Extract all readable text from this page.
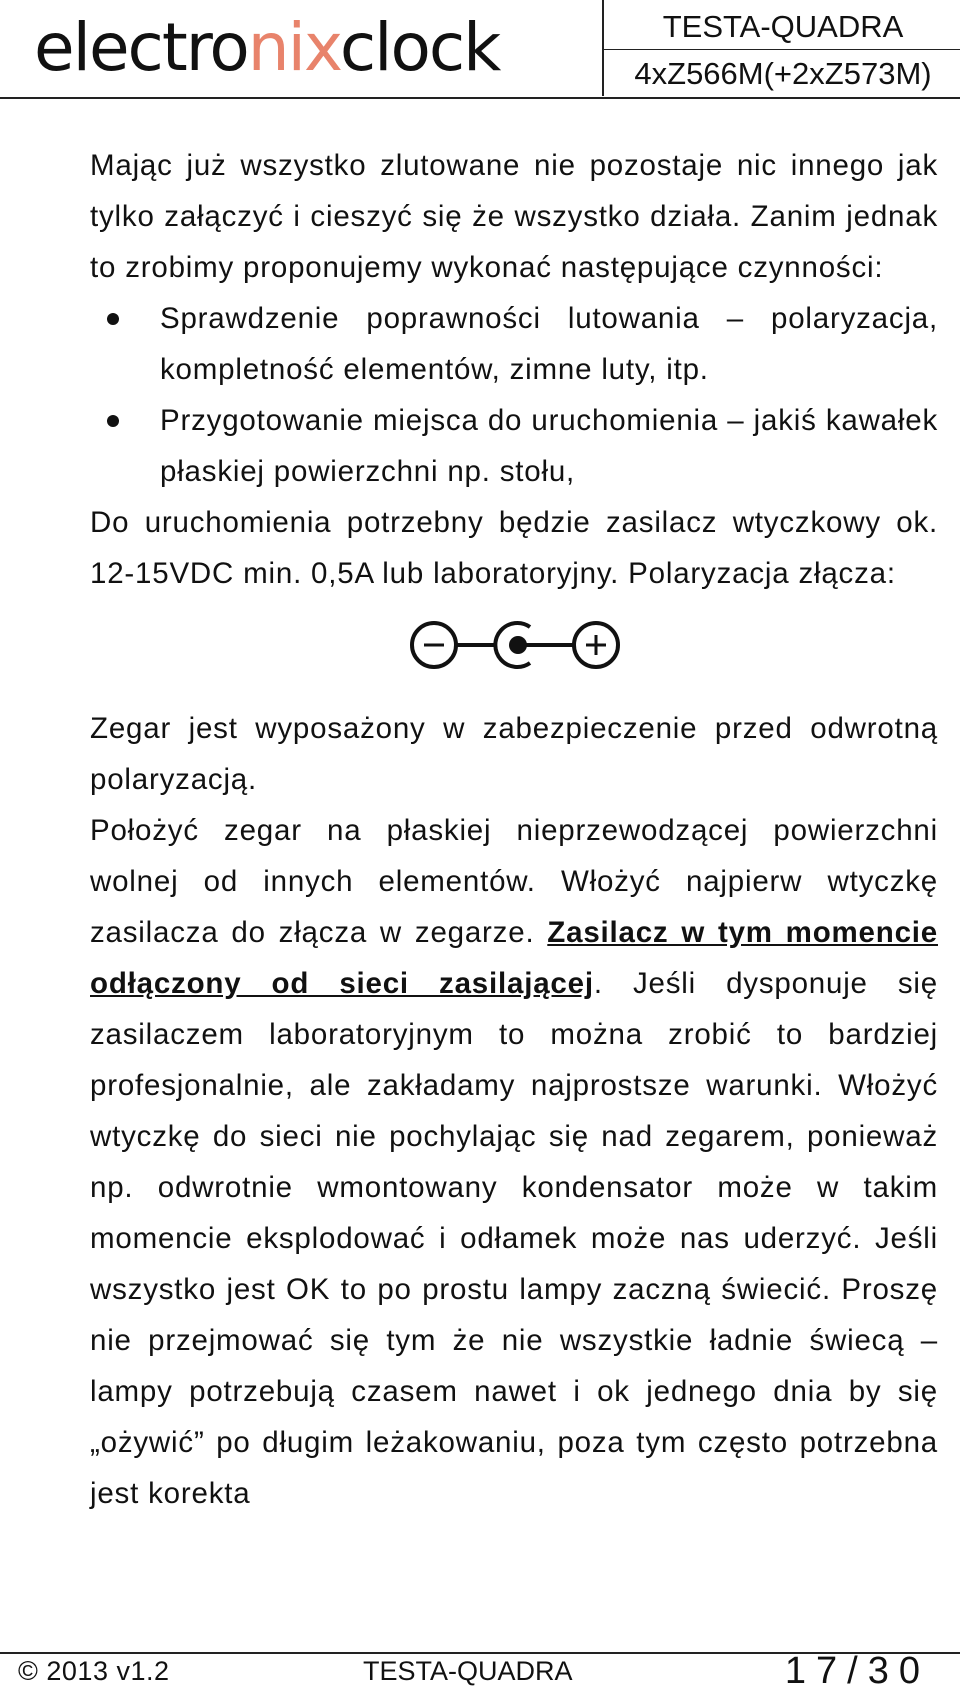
electronixclock	TESTA-QUADRA
4xZ566M(+2xZ573M)

Mając już wszystko zlutowane nie pozostaje nic innego jak tylko załączyć i cieszyć się że wszystko działa. Zanim jednak to zrobimy proponujemy wykonać następujące czynności:

Sprawdzenie poprawności lutowania – polaryzacja, kompletność elementów, zimne luty, itp.
Przygotowanie miejsca do uruchomienia – jakiś kawałek płaskiej powierzchni np. stołu,

Do uruchomienia potrzebny będzie zasilacz wtyczkowy ok. 12-15VDC min. 0,5A lub laboratoryjny. Polaryzacja złącza:

Zegar jest wyposażony w zabezpieczenie przed odwrotną polaryzacją.

Położyć zegar na płaskiej nieprzewodzącej powierzchni wolnej od innych elementów. Włożyć najpierw wtyczkę zasilacza do złącza w zegarze. Zasilacz w tym momencie odłączony od sieci zasilającej. Jeśli dysponuje się zasilaczem laboratoryjnym to można zrobić to bardziej profesjonalnie, ale zakładamy najprostsze warunki. Włożyć wtyczkę do sieci nie pochylając się nad zegarem, ponieważ np. odwrotnie wmontowany kondensator może w takim momencie eksplodować i odłamek może nas uderzyć. Jeśli wszystko jest OK to po prostu lampy zaczną świecić. Proszę nie przejmować się tym że nie wszystkie ładnie świecą – lampy potrzebują czasem nawet i ok jednego dnia by się „ożywić” po długim leżakowaniu, poza tym często potrzebna jest korekta

© 2013 v1.2	TESTA-QUADRA	17/30
